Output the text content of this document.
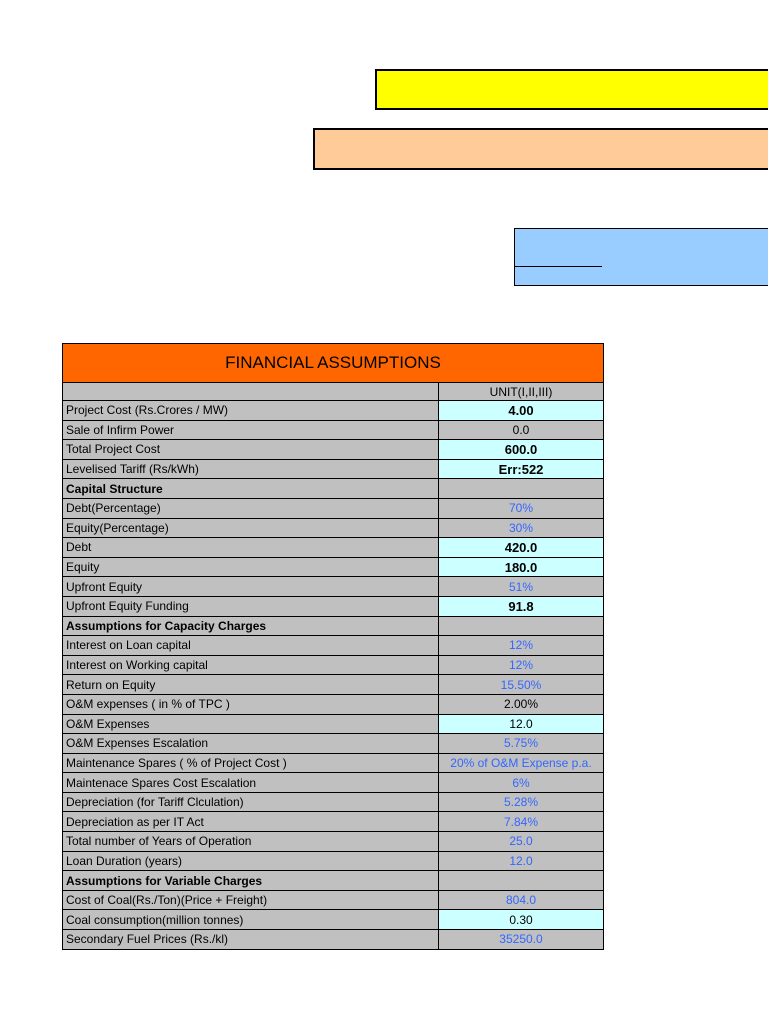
FINANCIAL ASSUMPTIONS	
	UNIT(I,II,III)
Project Cost (Rs.Crores / MW)	4.00
Sale of Infirm Power	0.0
Total Project Cost	600.0
Levelised Tariff (Rs/kWh)	Err:522
Capital Structure	
Debt(Percentage)	70%
Equity(Percentage)	30%
Debt	420.0
Equity	180.0
Upfront Equity	51%
Upfront Equity Funding	91.8
Assumptions for Capacity Charges	
Interest on Loan capital	12%
Interest on Working capital	12%
Return on Equity	15.50%
O&M expenses ( in % of TPC )	2.00%
O&M Expenses	12.0
O&M Expenses Escalation	5.75%
Maintenance Spares ( % of Project Cost )	20% of O&M Expense p.a.
Maintenace Spares Cost Escalation	6%
Depreciation (for Tariff Clculation)	5.28%
Depreciation as per IT Act	7.84%
Total number of Years of Operation	25.0
Loan Duration (years)	12.0
Assumptions for Variable Charges	
Cost of Coal(Rs./Ton)(Price + Freight)	804.0
Coal consumption(million tonnes)	0.30
Secondary Fuel Prices (Rs./kl)	35250.0
